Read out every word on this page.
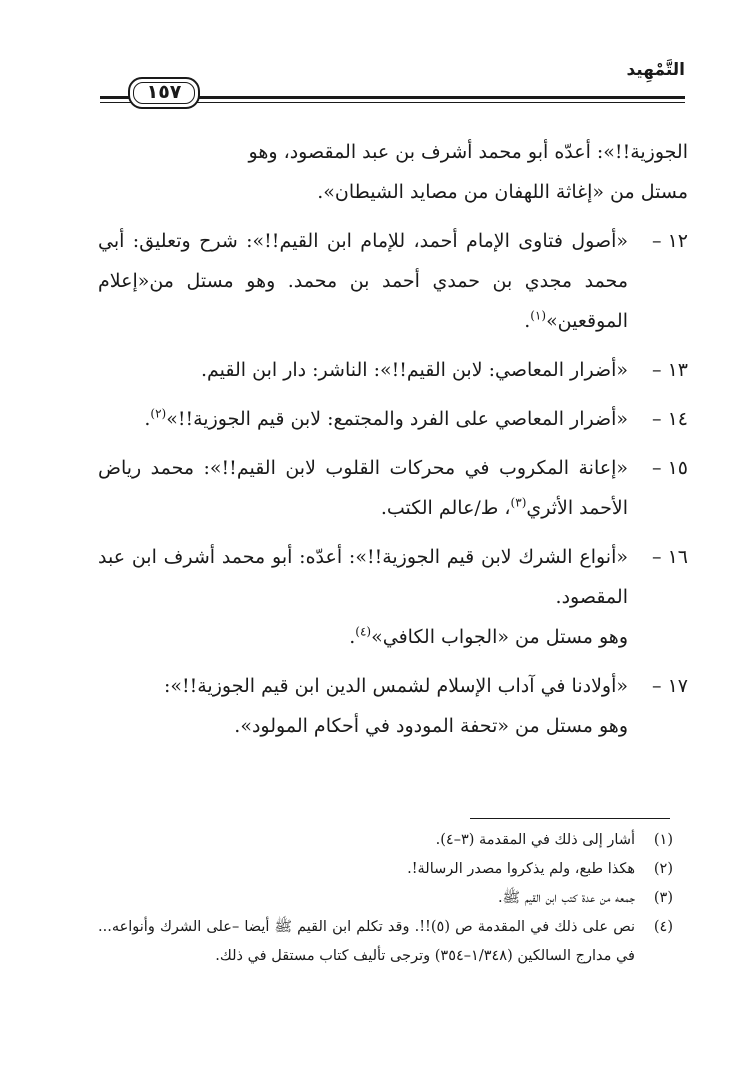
التَّمْهِيد
١٥٧

الجوزية!!»: أعدّه أبو محمد أشرف بن عبد المقصود، وهو
مستل من «إغاثة اللهفان من مصايد الشيطان».

١٢ –
«أصول فتاوى الإمام أحمد، للإمام ابن القيم!!»: شرح وتعليق: أبي محمد مجدي بن حمدي أحمد بن محمد. وهو مستل من«إعلام الموقعين»$^{(١)}$.
١٣ –
«أضرار المعاصي: لابن القيم!!»: الناشر: دار ابن القيم.
١٤ –
«أضرار المعاصي على الفرد والمجتمع: لابن قيم الجوزية!!»$^{(٢)}$.
١٥ –
«إعانة المكروب في محركات القلوب لابن القيم!!»: محمد رياض الأحمد الأثري$^{(٣)}$، ط/عالم الكتب.
١٦ –
«أنواع الشرك لابن قيم الجوزية!!»: أعدّه: أبو محمد أشرف ابن عبد المقصود.

وهو مستل من «الجواب الكافي»$^{(٤)}$.

١٧ –
«أولادنا في آداب الإسلام لشمس الدين ابن قيم الجوزية!!»:
وهو مستل من «تحفة المودود في أحكام المولود».
(١)
أشار إلى ذلك في المقدمة (٣–٤).
(٢)
هكذا طبع، ولم يذكروا مصدر الرسالة!.
(٣)
جمعه من عدة كتب ابن القيم ﷺ.
(٤)
نص على ذلك في المقدمة ص (٥)!!. وقد تكلم ابن القيم ﷺ أيضا –على الشرك وأنواعه... في مدارج السالكين (١/٣٤٨–٣٥٤) وترجى تأليف كتاب مستقل في ذلك.
